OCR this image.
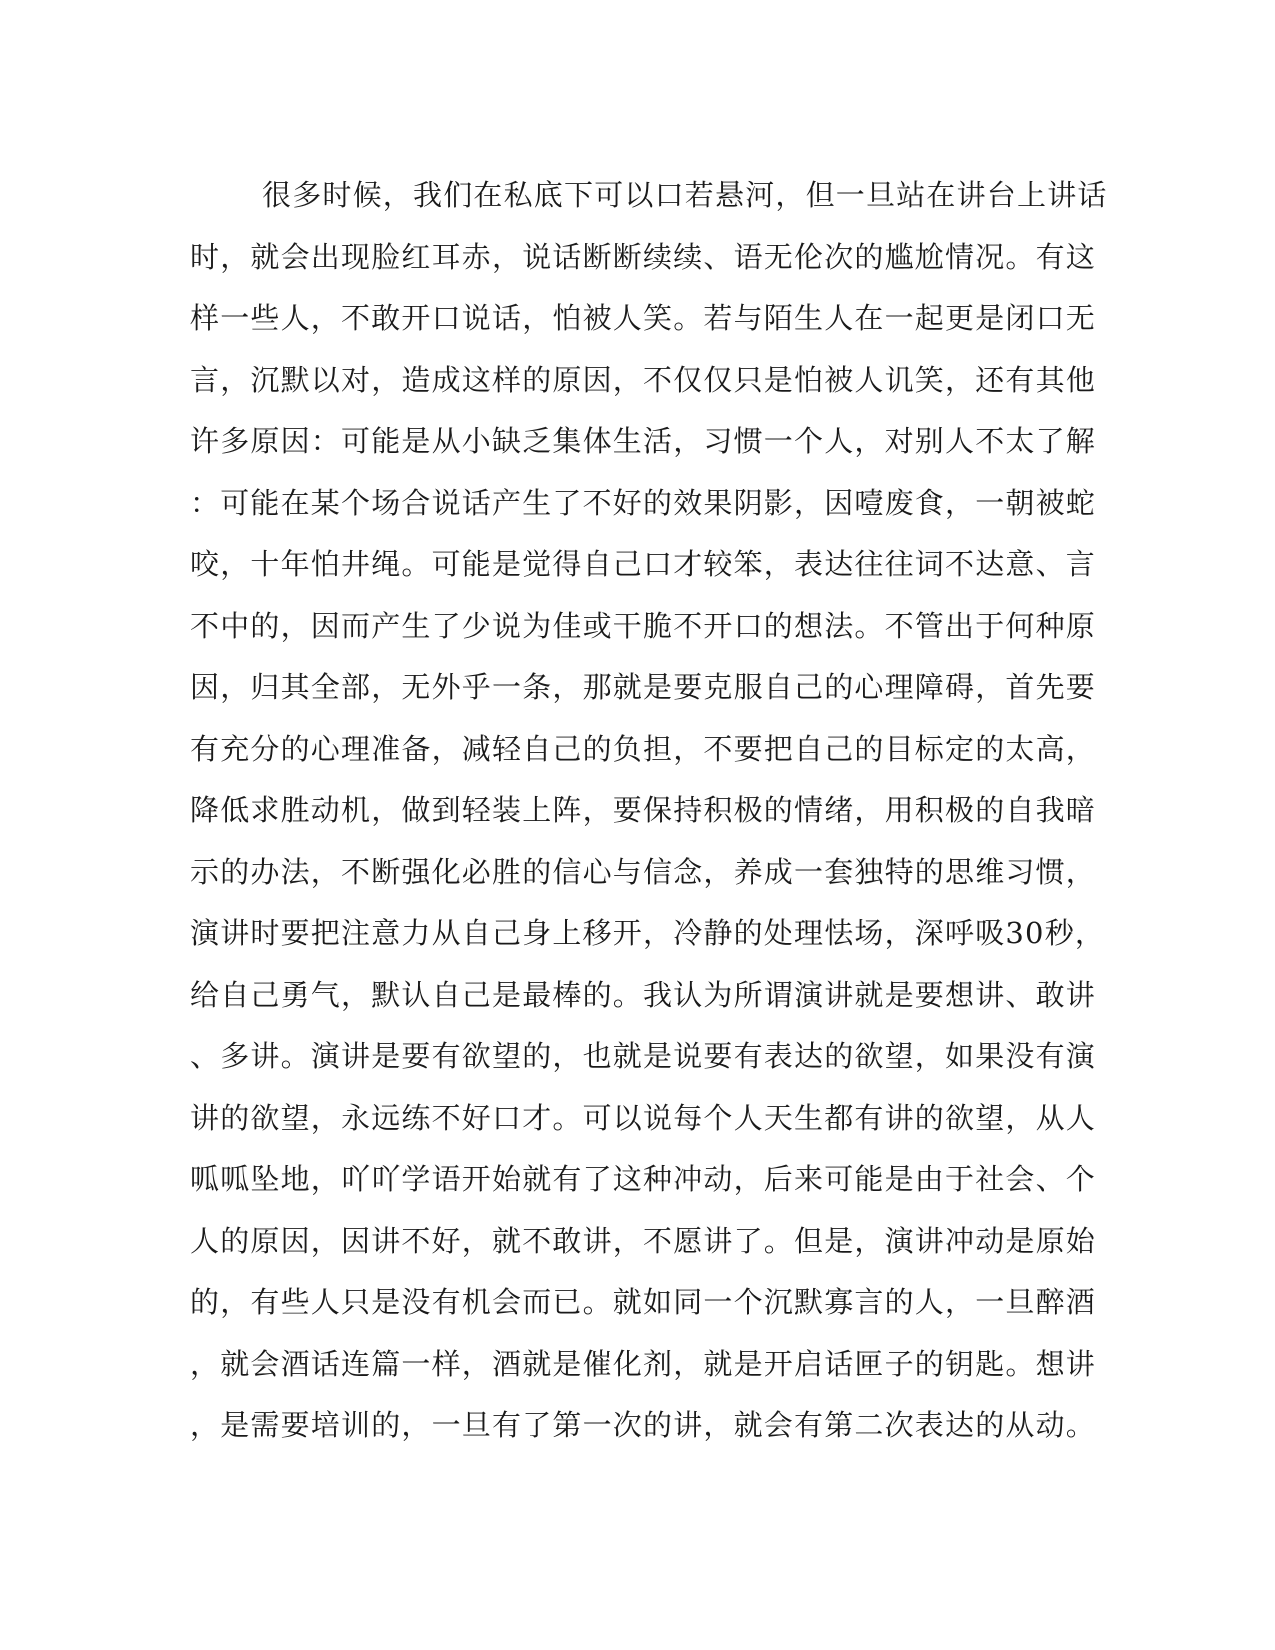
很多时候，我们在私底下可以口若悬河，但一旦站在讲台上讲话
时，就会出现脸红耳赤，说话断断续续、语无伦次的尴尬情况。有这
样一些人，不敢开口说话，怕被人笑。若与陌生人在一起更是闭口无
言，沉默以对，造成这样的原因，不仅仅只是怕被人讥笑，还有其他
许多原因：可能是从小缺乏集体生活，习惯一个人，对别人不太了解
：可能在某个场合说话产生了不好的效果阴影，因噎废食，一朝被蛇
咬，十年怕井绳。可能是觉得自己口才较笨，表达往往词不达意、言
不中的，因而产生了少说为佳或干脆不开口的想法。不管出于何种原
因，归其全部，无外乎一条，那就是要克服自己的心理障碍，首先要
有充分的心理准备，减轻自己的负担，不要把自己的目标定的太高，
降低求胜动机，做到轻装上阵，要保持积极的情绪，用积极的自我暗
示的办法，不断强化必胜的信心与信念，养成一套独特的思维习惯，
演讲时要把注意力从自己身上移开，冷静的处理怯场，深呼吸30秒，
给自己勇气，默认自己是最棒的。我认为所谓演讲就是要想讲、敢讲
、多讲。演讲是要有欲望的，也就是说要有表达的欲望，如果没有演
讲的欲望，永远练不好口才。可以说每个人天生都有讲的欲望，从人
呱呱坠地，吖吖学语开始就有了这种冲动，后来可能是由于社会、个
人的原因，因讲不好，就不敢讲，不愿讲了。但是，演讲冲动是原始
的，有些人只是没有机会而已。就如同一个沉默寡言的人，一旦醉酒
，就会酒话连篇一样，酒就是催化剂，就是开启话匣子的钥匙。想讲
，是需要培训的，一旦有了第一次的讲，就会有第二次表达的从动。
